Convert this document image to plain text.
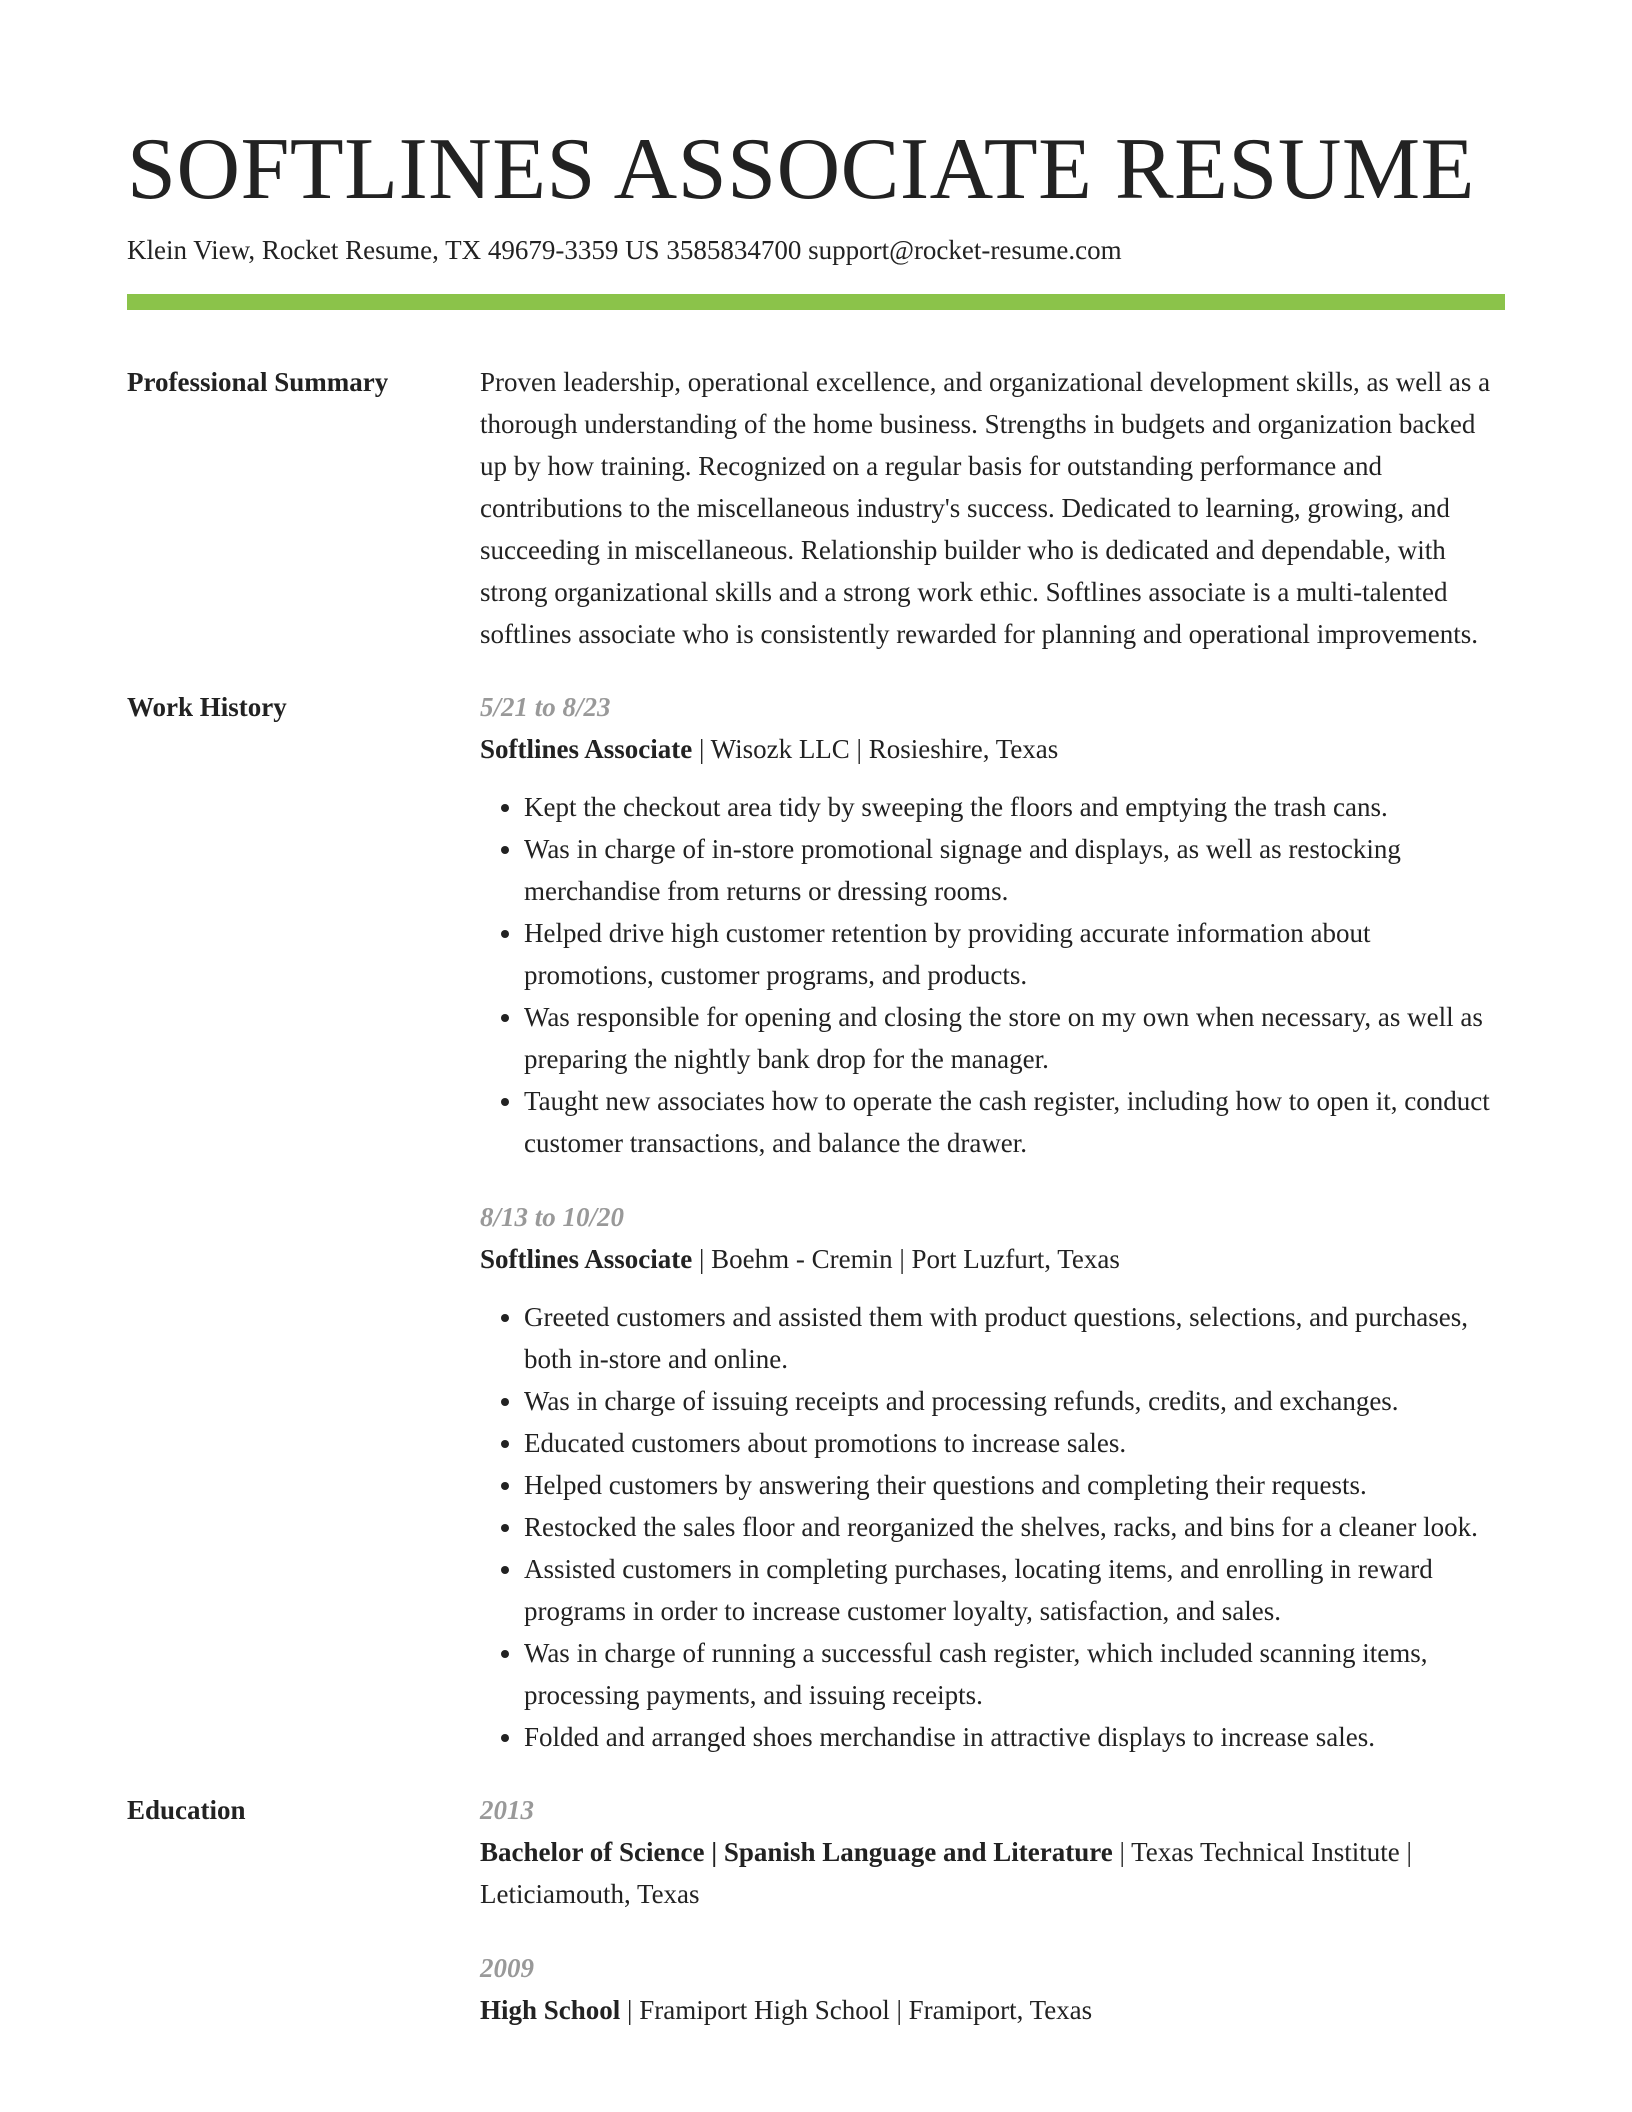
SOFTLINES ASSOCIATE RESUME
Klein View, Rocket Resume, TX 49679-3359 US 3585834700 support@rocket-resume.com
Professional Summary	Proven leadership, operational excellence, and organizational development skills, as well as a thorough understanding of the home business. Strengths in budgets and organization backed up by how training. Recognized on a regular basis for outstanding performance and contributions to the miscellaneous industry's success. Dedicated to learning, growing, and succeeding in miscellaneous. Relationship builder who is dedicated and dependable, with strong organizational skills and a strong work ethic. Softlines associate is a multi-talented softlines associate who is consistently rewarded for planning and operational improvements.

Work History	5/21 to 8/23
Softlines Associate | Wisozk LLC | Rosieshire, Texas
• Kept the checkout area tidy by sweeping the floors and emptying the trash cans.
• Was in charge of in-store promotional signage and displays, as well as restocking merchandise from returns or dressing rooms.
• Helped drive high customer retention by providing accurate information about promotions, customer programs, and products.
• Was responsible for opening and closing the store on my own when necessary, as well as preparing the nightly bank drop for the manager.
• Taught new associates how to operate the cash register, including how to open it, conduct customer transactions, and balance the drawer.
8/13 to 10/20
Softlines Associate | Boehm - Cremin | Port Luzfurt, Texas
• Greeted customers and assisted them with product questions, selections, and purchases, both in-store and online.
• Was in charge of issuing receipts and processing refunds, credits, and exchanges.
• Educated customers about promotions to increase sales.
• Helped customers by answering their questions and completing their requests.
• Restocked the sales floor and reorganized the shelves, racks, and bins for a cleaner look.
• Assisted customers in completing purchases, locating items, and enrolling in reward programs in order to increase customer loyalty, satisfaction, and sales.
• Was in charge of running a successful cash register, which included scanning items, processing payments, and issuing receipts.
• Folded and arranged shoes merchandise in attractive displays to increase sales.
Education	2013
Bachelor of Science | Spanish Language and Literature | Texas Technical Institute | Leticiamouth, Texas
2009
High School | Framiport High School | Framiport, Texas
